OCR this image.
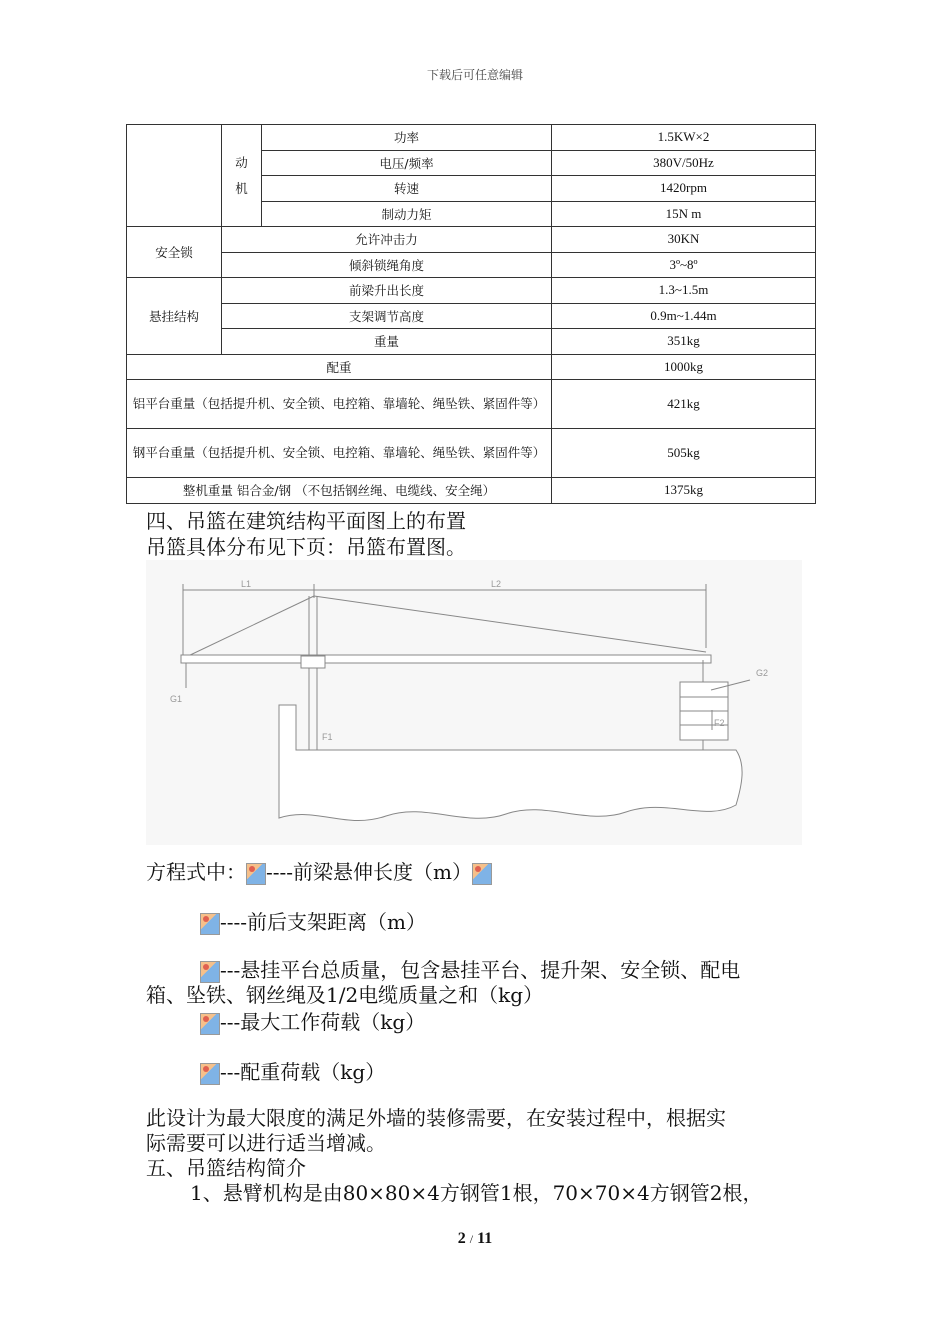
下载后可任意编辑
	动机	功率	1.5KW×2
		电压/频率	380V/50Hz
		转速	1420rpm
		制动力矩	15N m
安全锁	允许冲击力		30KN
	倾斜锁绳角度		3º~8º
悬挂结构	前梁升出长度		1.3~1.5m
	支架调节高度		0.9m~1.44m
	重量		351kg
配重			1000kg
铝平台重量（包括提升机、安全锁、电控箱、靠墙轮、绳坠铁、紧固件等）			421kg
钢平台重量（包括提升机、安全锁、电控箱、靠墙轮、绳坠铁、紧固件等）			505kg
整机重量 铝合金/钢 （不包括钢丝绳、电缆线、安全绳）			1375kg
四、吊篮在建筑结构平面图上的布置
吊篮具体分布见下页：吊篮布置图。
L1	L2
G1
G2
F1
F2
方程式中： ----前梁悬伸长度（m）
----前后支架距离（m）
---悬挂平台总质量，包含悬挂平台、提升架、安全锁、配电
箱、坠铁、钢丝绳及1/2电缆质量之和（kg）
---最大工作荷载（kg）
---配重荷载（kg）
此设计为最大限度的满足外墙的装修需要，在安装过程中，根据实
际需要可以进行适当增减。
五、吊篮结构简介
1、悬臂机构是由80×80×4方钢管1根，70×70×4方钢管2根，
2 / 11
